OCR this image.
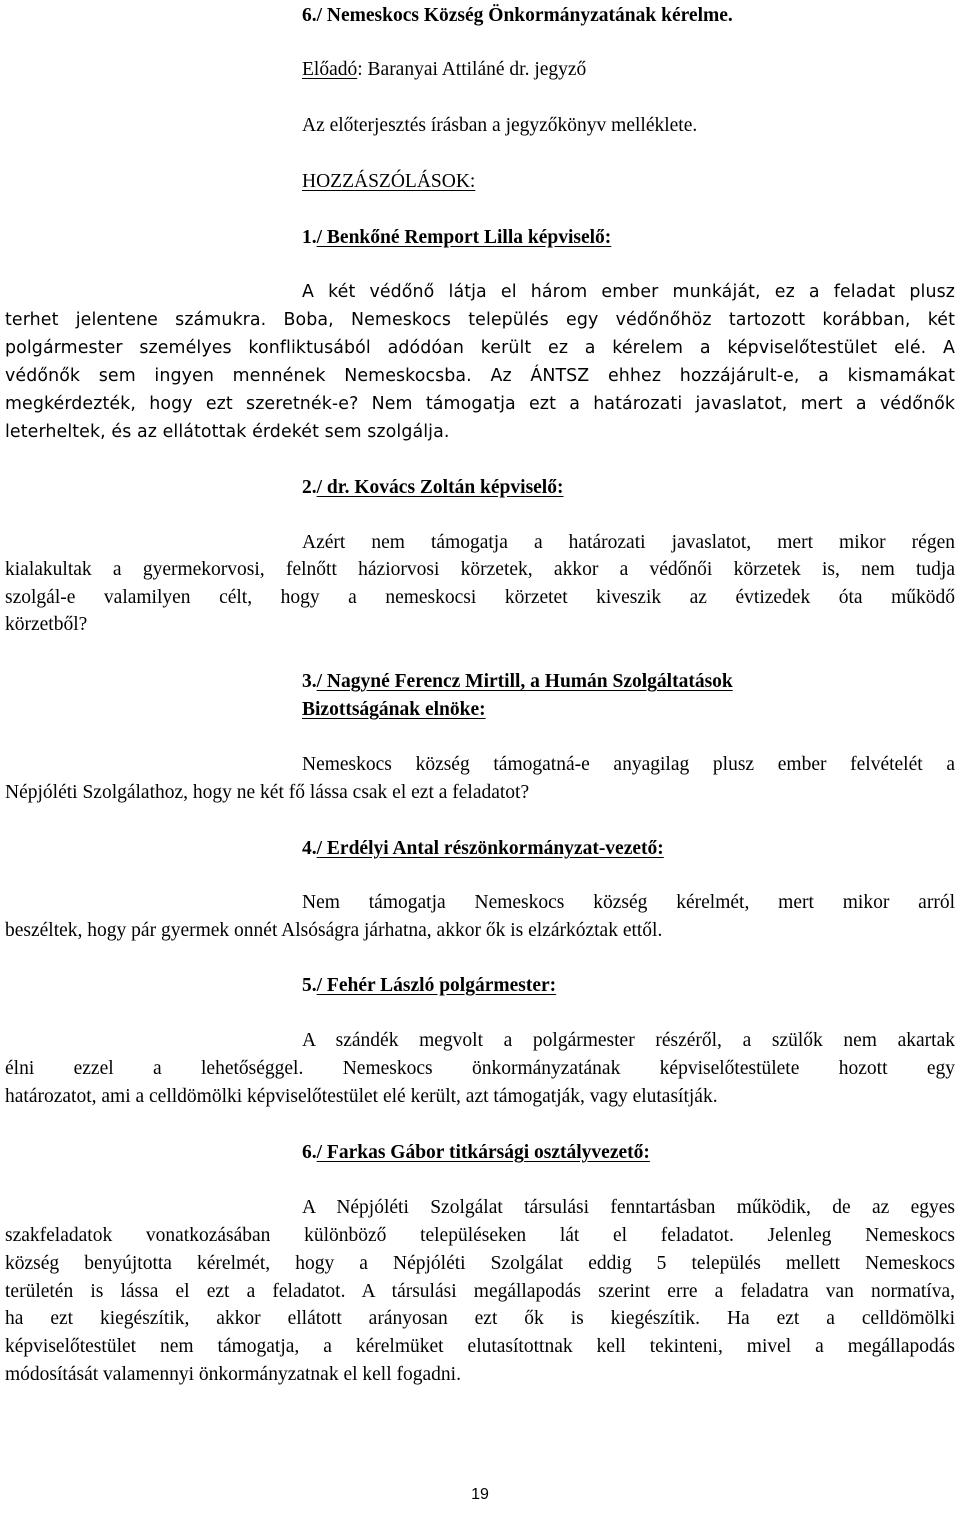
6./ Nemeskocs Község Önkormányzatának kérelme.
Előadó: Baranyai Attiláné dr. jegyző
Az előterjesztés írásban a jegyzőkönyv melléklete.
HOZZÁSZÓLÁSOK:
1./ Benkőné Remport Lilla képviselő:
A két védőnő látja el három ember munkáját, ez a feladat plusz
terhet jelentene számukra. Boba, Nemeskocs település egy védőnőhöz tartozott korábban, két
polgármester személyes konfliktusából adódóan került ez a kérelem a képviselőtestület elé. A
védőnők sem ingyen mennének Nemeskocsba. Az ÁNTSZ ehhez hozzájárult-e, a kismamákat
megkérdezték, hogy ezt szeretnék-e? Nem támogatja ezt a határozati javaslatot, mert a védőnők
leterheltek, és az ellátottak érdekét sem szolgálja.
2./ dr. Kovács Zoltán képviselő:
Azért nem támogatja a határozati javaslatot, mert mikor régen
kialakultak a gyermekorvosi, felnőtt háziorvosi körzetek, akkor a védőnői körzetek is, nem tudja
szolgál-e valamilyen célt, hogy a nemeskocsi körzetet kiveszik az évtizedek óta működő
körzetből?
3./ Nagyné Ferencz Mirtill, a Humán Szolgáltatások
Bizottságának elnöke:
Nemeskocs község támogatná-e anyagilag plusz ember felvételét a
Népjóléti Szolgálathoz, hogy ne két fő lássa csak el ezt a feladatot?
4./ Erdélyi Antal részönkormányzat-vezető:
Nem támogatja Nemeskocs község kérelmét, mert mikor arról
beszéltek, hogy pár gyermek onnét Alsóságra járhatna, akkor ők is elzárkóztak ettől.
5./ Fehér László polgármester:
A szándék megvolt a polgármester részéről, a szülők nem akartak
élni ezzel a lehetőséggel. Nemeskocs önkormányzatának képviselőtestülete hozott egy
határozatot, ami a celldömölki képviselőtestület elé került, azt támogatják, vagy elutasítják.
6./ Farkas Gábor titkársági osztályvezető:
A Népjóléti Szolgálat társulási fenntartásban működik, de az egyes
szakfeladatok vonatkozásában különböző településeken lát el feladatot. Jelenleg Nemeskocs
község benyújtotta kérelmét, hogy a Népjóléti Szolgálat eddig 5 település mellett Nemeskocs
területén is lássa el ezt a feladatot. A társulási megállapodás szerint erre a feladatra van normatíva,
ha ezt kiegészítik, akkor ellátott arányosan ezt ők is kiegészítik. Ha ezt a celldömölki
képviselőtestület nem támogatja, a kérelmüket elutasítottnak kell tekinteni, mivel a megállapodás
módosítását valamennyi önkormányzatnak el kell fogadni.
19
